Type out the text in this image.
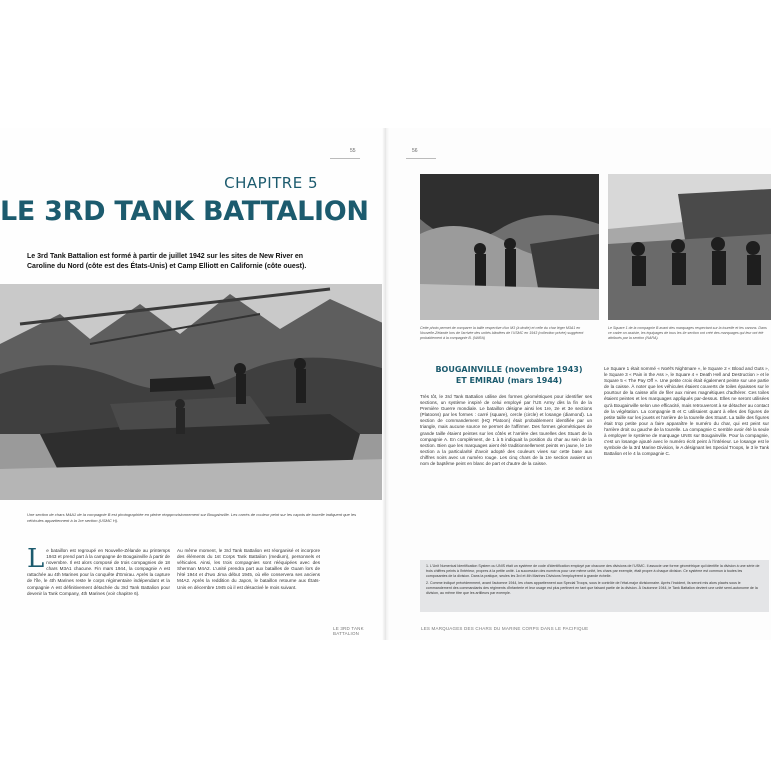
55
CHAPITRE 5
LE 3RD TANK BATTALION
Le 3rd Tank Battalion est formé à partir de juillet 1942 sur les sites de New River en Caroline du Nord (côte est des États-Unis) et Camp Elliott en Californie (côte ouest).
Une section de chars M4A1 de la compagnie B est photographiée en pleine réapprovisionnement sur Bougainville. Les carrés de couleur peint sur les capots de tourelle indiquent que les véhicules appartiennent à la 1re section (USMC H).
L e bataillon est regroupé en Nouvelle-Zélande au printemps 1943 et prend part à la campagne de Bougainville à partir de novembre. Il est alors composé de trois compagnies de 18 chars M3A1 chacune. Fin mars 1944, la compagnie A est rattachée au 4th Marines pour la conquête d'Emirau. Après la capture de l'île, le 4th Marines reste le corps régimentaire indépendant et la compagnie A est définitivement détachée du 3rd Tank Battalion pour devenir la Tank Company, 4th Marines (voir chapitre 6).
Au même moment, le 3rd Tank Battalion est réorganisé et incorpore des éléments du 1st Corps Tank Battalion (medium), personnels et véhicules. Ainsi, les trois compagnies sont rééquipées avec des Sherman M4A2. L'unité prendra part aux batailles de Guam lors de l'été 1944 et d'Iwo Jima début 1945, où elle conservera ses anciens M4A2. Après la reddition du Japon, le bataillon retourne aux États-Unis en décembre 1945 où il est désactivé le mois suivant.
LE 3RD TANK BATTALION
56
Cette photo permet de comparer la taille respective d'un M3 (à droite) et celle du char léger M3A1 en Nouvelle-Zélande lors de l'arrivée des unités blindées de l'USMC en 1943 (collection privée) suggèrent probablement à la compagnie B. (NARA)
Le Square 1 de la compagnie B avant des marquages respectant sur la tourelle et les canons. Dans ce cadre on assiste, les équipages de tous les 4e section ont créé des marquages qui leur ont été attribués par la section (NARA).
BOUGAINVILLE (novembre 1943)
ET EMIRAU (mars 1944)
Très tôt, le 3rd Tank Battalion utilise des formes géométriques pour identifier ses sections, un système inspiré de celui employé par l'US Army dès la fin de la Première Guerre mondiale. Le bataillon désigne ainsi les 1re, 2e et 3e sections (Platoons) par les formes : carré (square), cercle (circle) et losange (diamond). La section de commandement (HQ Platoon) était probablement identifiée par un triangle, mais aucune source ne permet de l'affirmer. Des formes géométriques de grande taille étaient peintes sur les côtés et l'arrière des tourelles des Stuart de la compagnie A. En complément, de 1 à 5 indiquait la position du char au sein de la section. Bien que les marquages aient été traditionnellement peints en jaune, le 1re section a la particularité d'avoir adopté des couleurs vives sur cette base aux chiffres noirs avec un numéro rouge. Les cinq chars de la 1re section avaient un nom de baptême peint en blanc de part et d'autre de la caisse.
Le Square 1 était nommé « Noël's Nightmare », le Square 2 « Blood and Guts », le Square 3 « Pain in the Ass », le Square 4 « Death Hell and Destruction » et le Square 5 « The Pay Off ». Une petite croix était également peinte sur une partie de la caisse. À noter que les véhicules étaient couverts de toiles épaisses sur le pourtour de la caisse afin de filer aux mines magnétiques d'adhérer. Ces toiles étaient peintes et les marquages appliqués par-dessus. Elles ne seront utilisées qu'à Bougainville selon une efficacité, mais retrouveront à se détacher au contact de la végétation. La compagnie B et C utilisaient quant à elles des figures de petite taille sur les jouets et l'arrière de la tourelle des Stuart. La taille des figures était trop petite pour a faire apparaître le numéro du char, qui est peint sur l'arrière droit ou gauche de la tourelle. La compagnie C semble avoir été la seule à employer le système de marquage UNIS sur Bougainville. Pour la compagnie, c'est un losange ajouté avec le numéro écrit peint à l'intérieur. Le losange est le symbole de la 3rd Marine Division, le A désignant les Special Troops, le 3 le Tank Battalion et le 4 la compagnie C.

1. L'Unit Numerical Identification System ou UNIS était un système de code d'identification employé par chacune des divisions de l'USMC. Il associe une forme géométrique qui identifie la division à une série de trois chiffres peints à l'intérieur, propres à la petite unité. La succession des numéros pour une même unité, les chars par exemple, était propre à chaque division. Ce système est commun à toutes les composantes de la division. Dans la pratique, seules les 3rd et 4th Marines Divisions l'employèrent à grande échelle.

2. Comme indiqué précédemment, avant l'automne 1944, les chars appartiennent aux Special Troops, sous le contrôle de l'état-major divisionnaire. Après l'incident, ils seront mis alors placés sous le commandement des commandants des régiments d'infanterie et leur usage est plus pertinent en tant que faisant partie de la division. À l'automne 1944, le Tank Battalion devient une unité semi-autonome de la division, au même titre que les artilleurs par exemple.

LES MARQUAGES DES CHARS DU MARINE CORPS DANS LE PACIFIQUE
